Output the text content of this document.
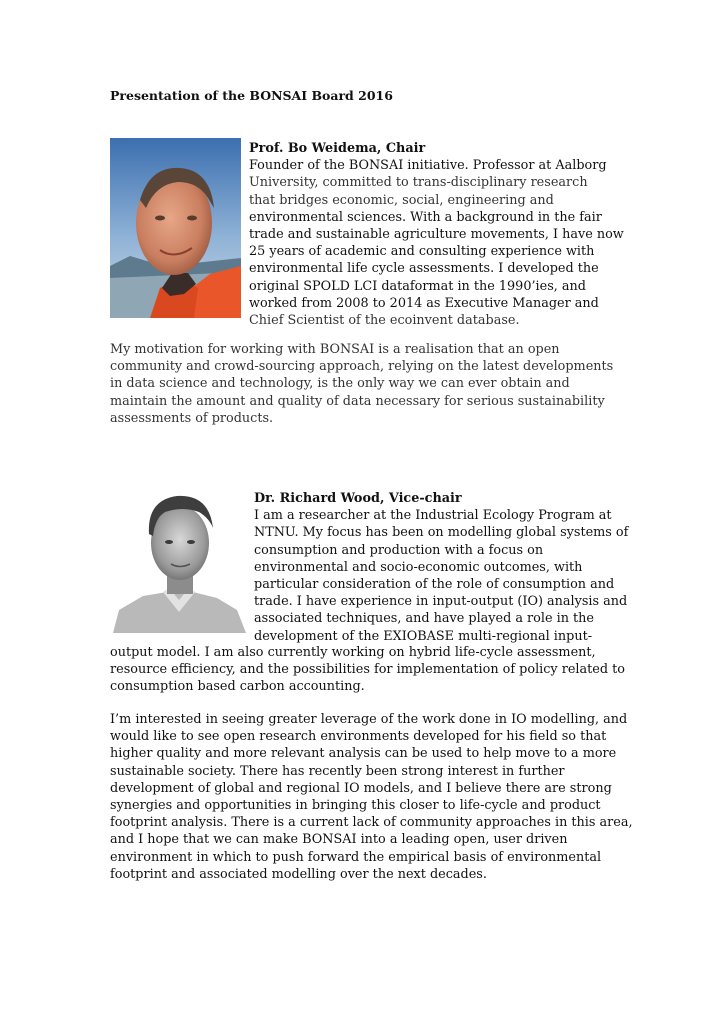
Presentation of the BONSAI Board 2016
Prof. Bo Weidema, Chair
Founder of the BONSAI initiative. Professor at Aalborg
University, committed to trans-disciplinary research
that bridges economic, social, engineering and
environmental sciences. With a background in the fair
trade and sustainable agriculture movements, I have now
25 years of academic and consulting experience with
environmental life cycle assessments. I developed the
original SPOLD LCI dataformat in the 1990’ies, and
worked from 2008 to 2014 as Executive Manager and
Chief Scientist of the ecoinvent database.
My motivation for working with BONSAI is a realisation that an open
community and crowd-sourcing approach, relying on the latest developments
in data science and technology, is the only way we can ever obtain and
maintain the amount and quality of data necessary for serious sustainability
assessments of products.
Dr. Richard Wood, Vice-chair
I am a researcher at the Industrial Ecology Program at
NTNU. My focus has been on modelling global systems of
consumption and production with a focus on
environmental and socio-economic outcomes, with
particular consideration of the role of consumption and
trade. I have experience in input-output (IO) analysis and
associated techniques, and have played a role in the
development of the EXIOBASE multi-regional input-
output model. I am also currently working on hybrid life-cycle assessment,
resource efficiency, and the possibilities for implementation of policy related to
consumption based carbon accounting.
I’m interested in seeing greater leverage of the work done in IO modelling, and
would like to see open research environments developed for his field so that
higher quality and more relevant analysis can be used to help move to a more
sustainable society. There has recently been strong interest in further
development of global and regional IO models, and I believe there are strong
synergies and opportunities in bringing this closer to life-cycle and product
footprint analysis. There is a current lack of community approaches in this area,
and I hope that we can make BONSAI into a leading open, user driven
environment in which to push forward the empirical basis of environmental
footprint and associated modelling over the next decades.
